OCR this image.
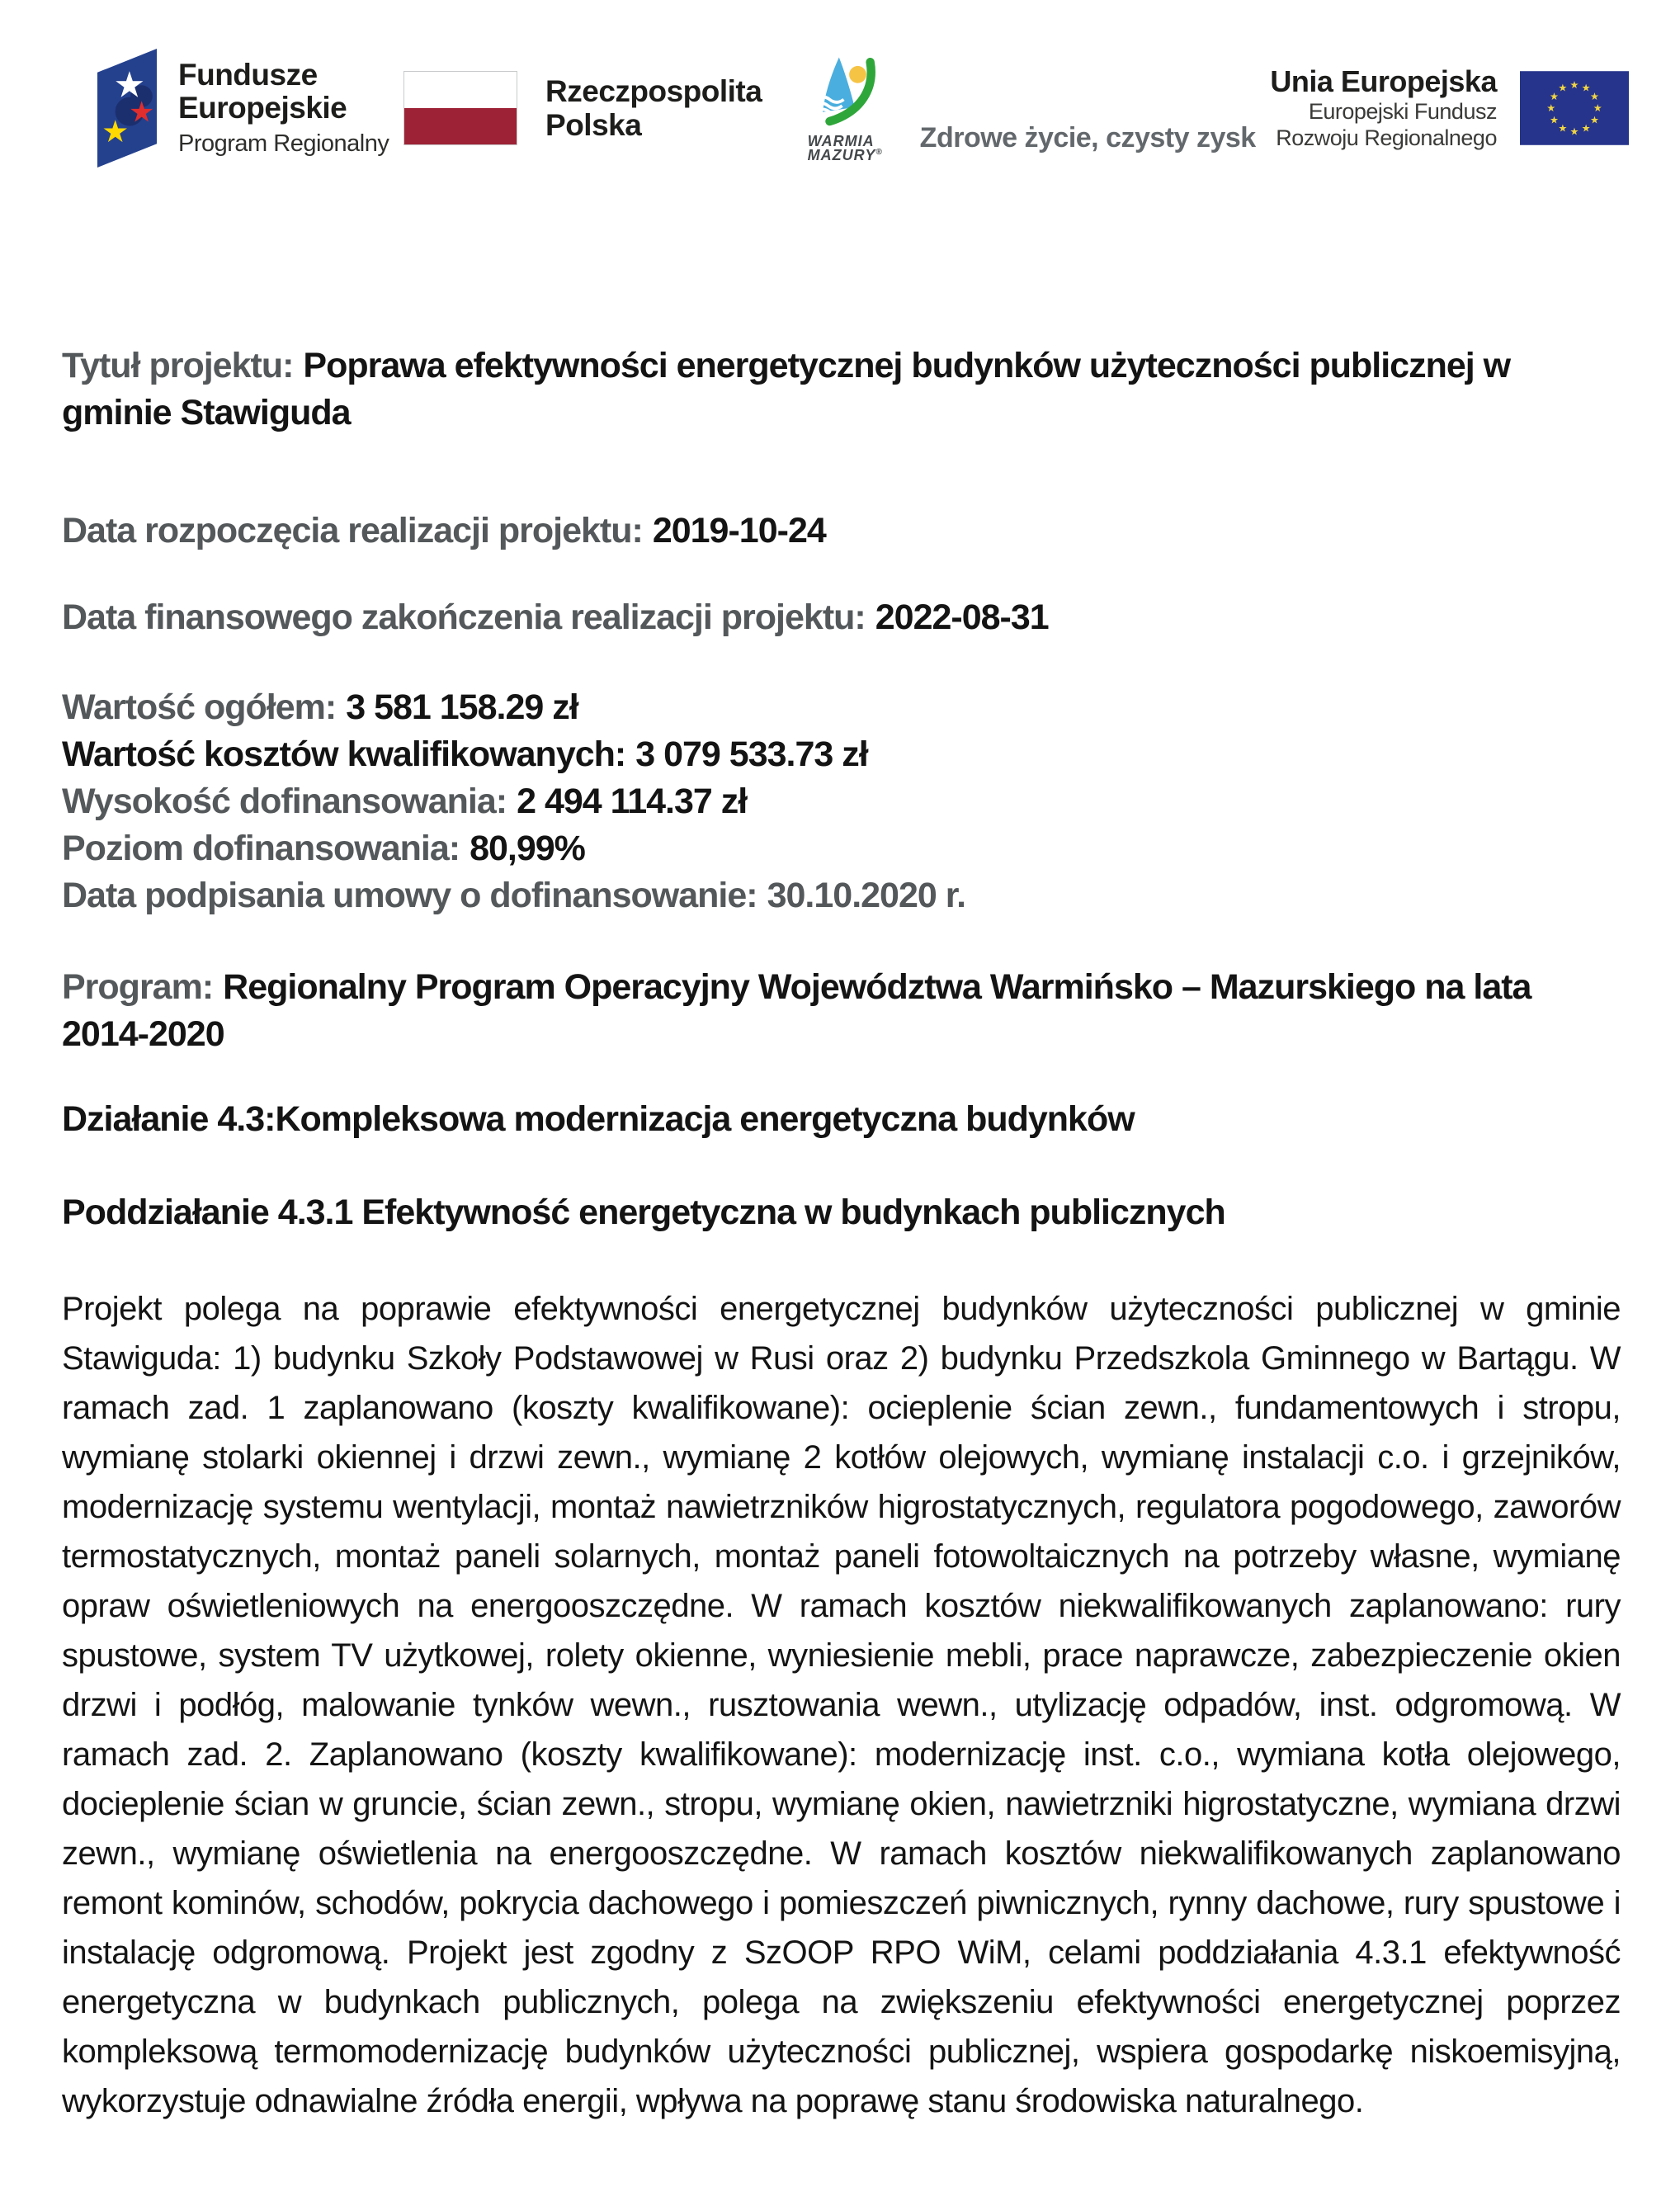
★
★
★
Fundusze Europejskie
Program Regionalny
Rzeczpospolita Polska	WARMIA
MAZURY® Zdrowe życie, czysty zysk
Unia Europejska
Europejski Fundusz
Rozwoju Regionalnego
★ ★
★
★
★
★
★
★
★
★
★
★

Tytuł projektu: Poprawa efektywności energetycznej budynków użyteczności publicznej w gminie Stawiguda

Data rozpoczęcia realizacji projektu: 2019-10-24

Data finansowego zakończenia realizacji projektu: 2022-08-31

Wartość ogółem: 3 581 158.29 zł

Wartość kosztów kwalifikowanych: 3 079 533.73 zł

Wysokość dofinansowania: 2 494 114.37 zł

Poziom dofinansowania: 80,99%

Data podpisania umowy o dofinansowanie: 30.10.2020 r.

Program: Regionalny Program Operacyjny Województwa Warmińsko – Mazurskiego na lata 2014-2020

Działanie 4.3:Kompleksowa modernizacja energetyczna budynków

Poddziałanie 4.3.1 Efektywność energetyczna w budynkach publicznych

Projekt polega na poprawie efektywności energetycznej budynków użyteczności publicznej w gminie Stawiguda: 1) budynku Szkoły Podstawowej w Rusi oraz 2) budynku Przedszkola Gminnego w Bartągu. W ramach zad. 1 zaplanowano (koszty kwalifikowane): ocieplenie ścian zewn., fundamentowych i stropu, wymianę stolarki okiennej i drzwi zewn., wymianę 2 kotłów olejowych, wymianę instalacji c.o. i grzejników, modernizację systemu wentylacji, montaż nawietrzników higrostatycznych, regulatora pogodowego, zaworów termostatycznych, montaż paneli solarnych, montaż paneli fotowoltaicznych na potrzeby własne, wymianę opraw oświetleniowych na energooszczędne. W ramach kosztów niekwalifikowanych zaplanowano: rury spustowe, system TV użytkowej, rolety okienne, wyniesienie mebli, prace naprawcze, zabezpieczenie okien drzwi i podłóg, malowanie tynków wewn., rusztowania wewn., utylizację odpadów, inst. odgromową. W ramach zad. 2. Zaplanowano (koszty kwalifikowane): modernizację inst. c.o., wymiana kotła olejowego, docieplenie ścian w gruncie, ścian zewn., stropu, wymianę okien, nawietrzniki higrostatyczne, wymiana drzwi zewn., wymianę oświetlenia na energooszczędne. W ramach kosztów niekwalifikowanych zaplanowano remont kominów, schodów, pokrycia dachowego i pomieszczeń piwnicznych, rynny dachowe, rury spustowe i instalację odgromową. Projekt jest zgodny z SzOOP RPO WiM, celami poddziałania 4.3.1 efektywność energetyczna w budynkach publicznych, polega na zwiększeniu efektywności energetycznej poprzez kompleksową termomodernizację budynków użyteczności publicznej, wspiera gospodarkę niskoemisyjną, wykorzystuje odnawialne źródła energii, wpływa na poprawę stanu środowiska naturalnego.
